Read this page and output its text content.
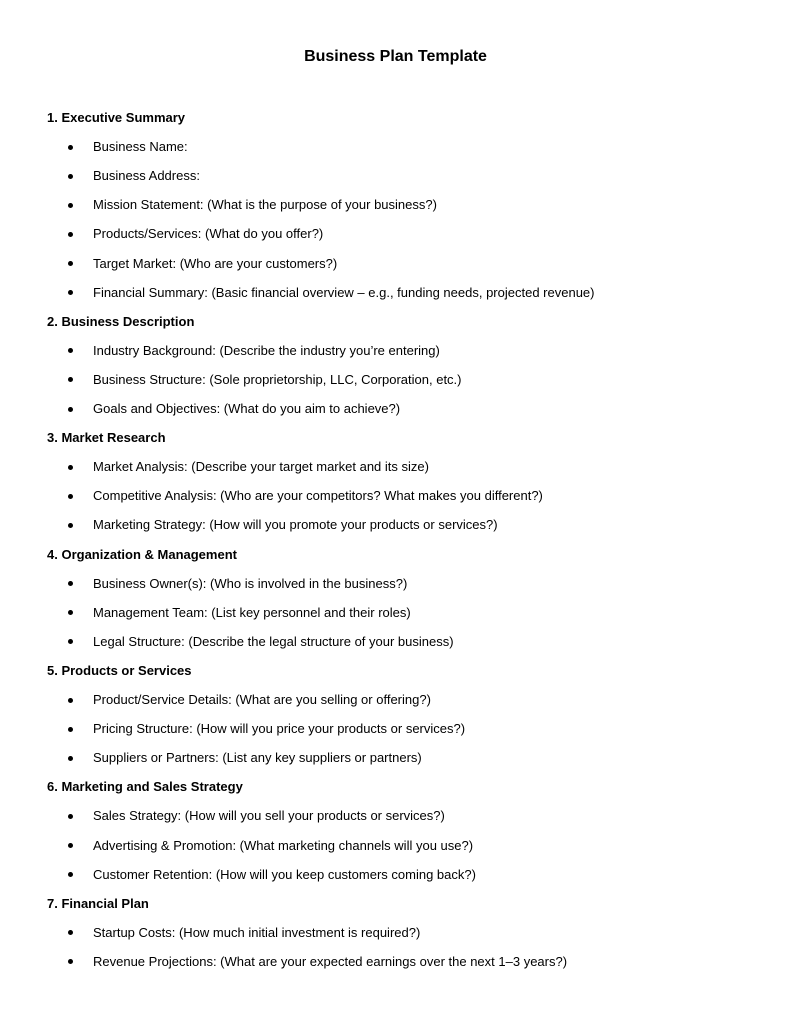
Business Plan Template
1. Executive Summary
Business Name:
Business Address:
Mission Statement: (What is the purpose of your business?)
Products/Services: (What do you offer?)
Target Market: (Who are your customers?)
Financial Summary: (Basic financial overview – e.g., funding needs, projected revenue)
2. Business Description
Industry Background: (Describe the industry you’re entering)
Business Structure: (Sole proprietorship, LLC, Corporation, etc.)
Goals and Objectives: (What do you aim to achieve?)
3. Market Research
Market Analysis: (Describe your target market and its size)
Competitive Analysis: (Who are your competitors? What makes you different?)
Marketing Strategy: (How will you promote your products or services?)
4. Organization & Management
Business Owner(s): (Who is involved in the business?)
Management Team: (List key personnel and their roles)
Legal Structure: (Describe the legal structure of your business)
5. Products or Services
Product/Service Details: (What are you selling or offering?)
Pricing Structure: (How will you price your products or services?)
Suppliers or Partners: (List any key suppliers or partners)
6. Marketing and Sales Strategy
Sales Strategy: (How will you sell your products or services?)
Advertising & Promotion: (What marketing channels will you use?)
Customer Retention: (How will you keep customers coming back?)
7. Financial Plan
Startup Costs: (How much initial investment is required?)
Revenue Projections: (What are your expected earnings over the next 1–3 years?)
